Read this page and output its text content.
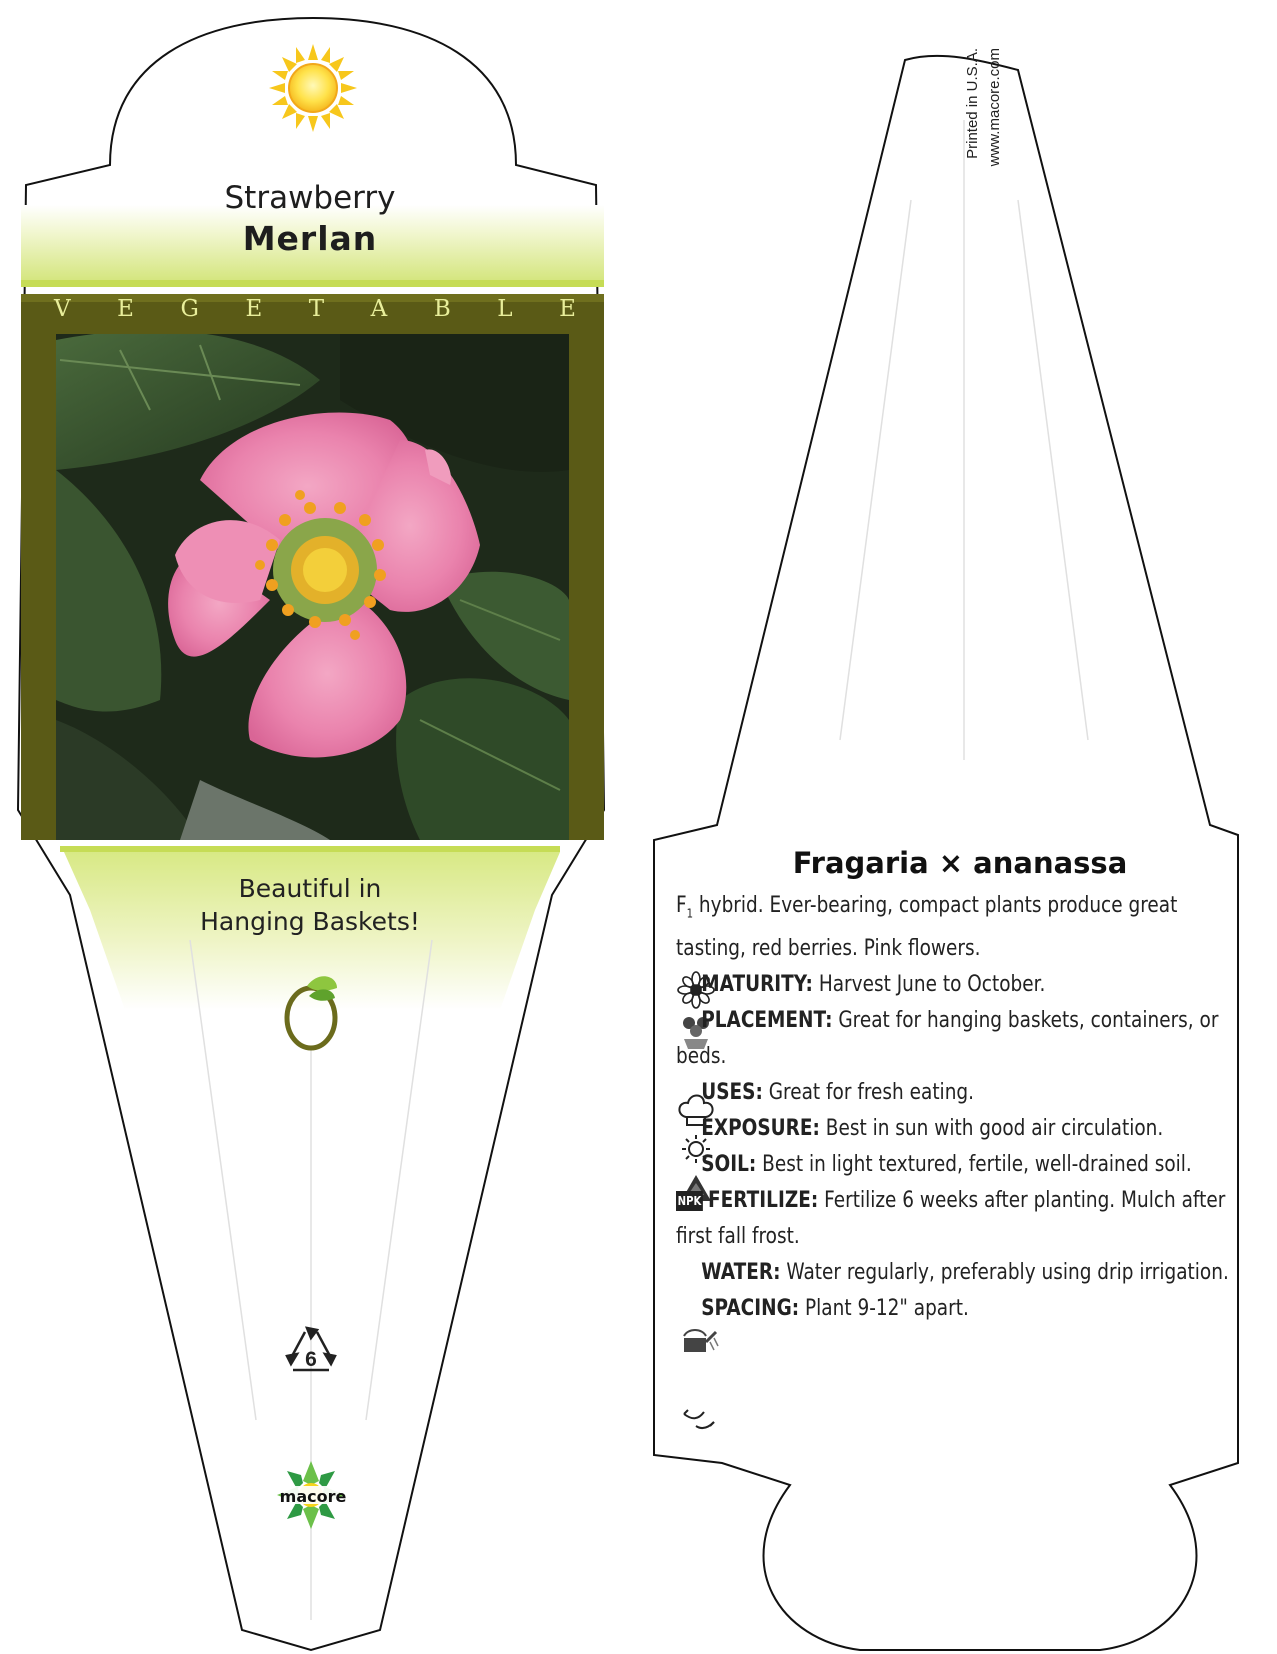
Strawberry

Merlan

V E G E T A B L E
Beautiful in
Hanging Baskets!

6

macore

Printed in U.S.A. www.macore.com

Fragaria × ananassa

$F_1$ hybrid. Ever-bearing, compact plants produce great tasting, red berries. Pink flowers.

MATURITY: Harvest June to October.

PLACEMENT: Great for hanging baskets, containers, or beds.

USES: Great for fresh eating.

EXPOSURE: Best in sun with good air circulation.

SOIL: Best in light textured, fertile, well-drained soil.

NPK FERTILIZE: Fertilize 6 weeks after planting. Mulch after first fall frost.

WATER: Water regularly, preferably using drip irrigation.

SPACING: Plant 9-12" apart.
